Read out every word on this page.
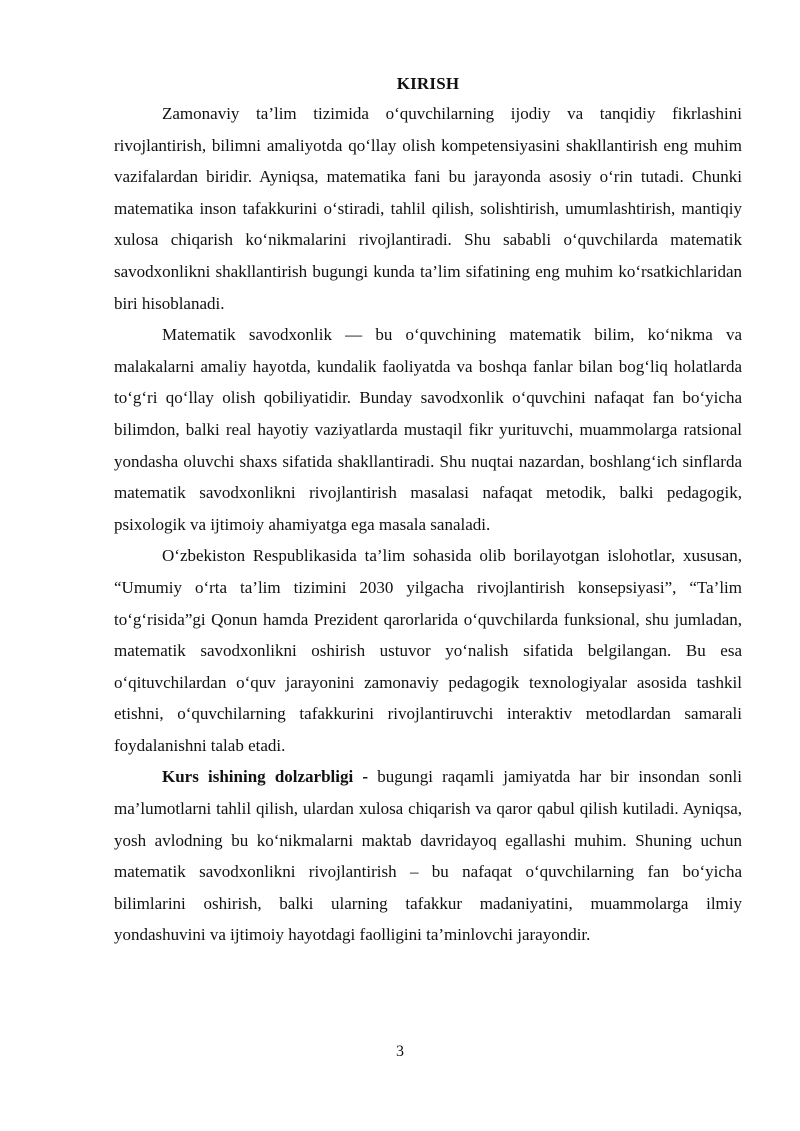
KIRISH

Zamonaviy ta’lim tizimida o‘quvchilarning ijodiy va tanqidiy fikrlashini rivojlantirish, bilimni amaliyotda qo‘llay olish kompetensiyasini shakllantirish eng muhim vazifalardan biridir. Ayniqsa, matematika fani bu jarayonda asosiy o‘rin tutadi. Chunki matematika inson tafakkurini o‘stiradi, tahlil qilish, solishtirish, umumlashtirish, mantiqiy xulosa chiqarish ko‘nikmalarini rivojlantiradi. Shu sababli o‘quvchilarda matematik savodxonlikni shakllantirish bugungi kunda ta’lim sifatining eng muhim ko‘rsatkichlaridan biri hisoblanadi.

Matematik savodxonlik — bu o‘quvchining matematik bilim, ko‘nikma va malakalarni amaliy hayotda, kundalik faoliyatda va boshqa fanlar bilan bog‘liq holatlarda to‘g‘ri qo‘llay olish qobiliyatidir. Bunday savodxonlik o‘quvchini nafaqat fan bo‘yicha bilimdon, balki real hayotiy vaziyatlarda mustaqil fikr yurituvchi, muammolarga ratsional yondasha oluvchi shaxs sifatida shakllantiradi. Shu nuqtai nazardan, boshlang‘ich sinflarda matematik savodxonlikni rivojlantirish masalasi nafaqat metodik, balki pedagogik, psixologik va ijtimoiy ahamiyatga ega masala sanaladi.

O‘zbekiston Respublikasida ta’lim sohasida olib borilayotgan islohotlar, xususan, “Umumiy o‘rta ta’lim tizimini 2030 yilgacha rivojlantirish konsepsiyasi”, “Ta’lim to‘g‘risida”gi Qonun hamda Prezident qarorlarida o‘quvchilarda funksional, shu jumladan, matematik savodxonlikni oshirish ustuvor yo‘nalish sifatida belgilangan. Bu esa o‘qituvchilardan o‘quv jarayonini zamonaviy pedagogik texnologiyalar asosida tashkil etishni, o‘quvchilarning tafakkurini rivojlantiruvchi interaktiv metodlardan samarali foydalanishni talab etadi.

Kurs ishining dolzarbligi - bugungi raqamli jamiyatda har bir insondan sonli ma’lumotlarni tahlil qilish, ulardan xulosa chiqarish va qaror qabul qilish kutiladi. Ayniqsa, yosh avlodning bu ko‘nikmalarni maktab davridayoq egallashi muhim. Shuning uchun matematik savodxonlikni rivojlantirish – bu nafaqat o‘quvchilarning fan bo‘yicha bilimlarini oshirish, balki ularning tafakkur madaniyatini, muammolarga ilmiy yondashuvini va ijtimoiy hayotdagi faolligini ta’minlovchi jarayondir.

3
